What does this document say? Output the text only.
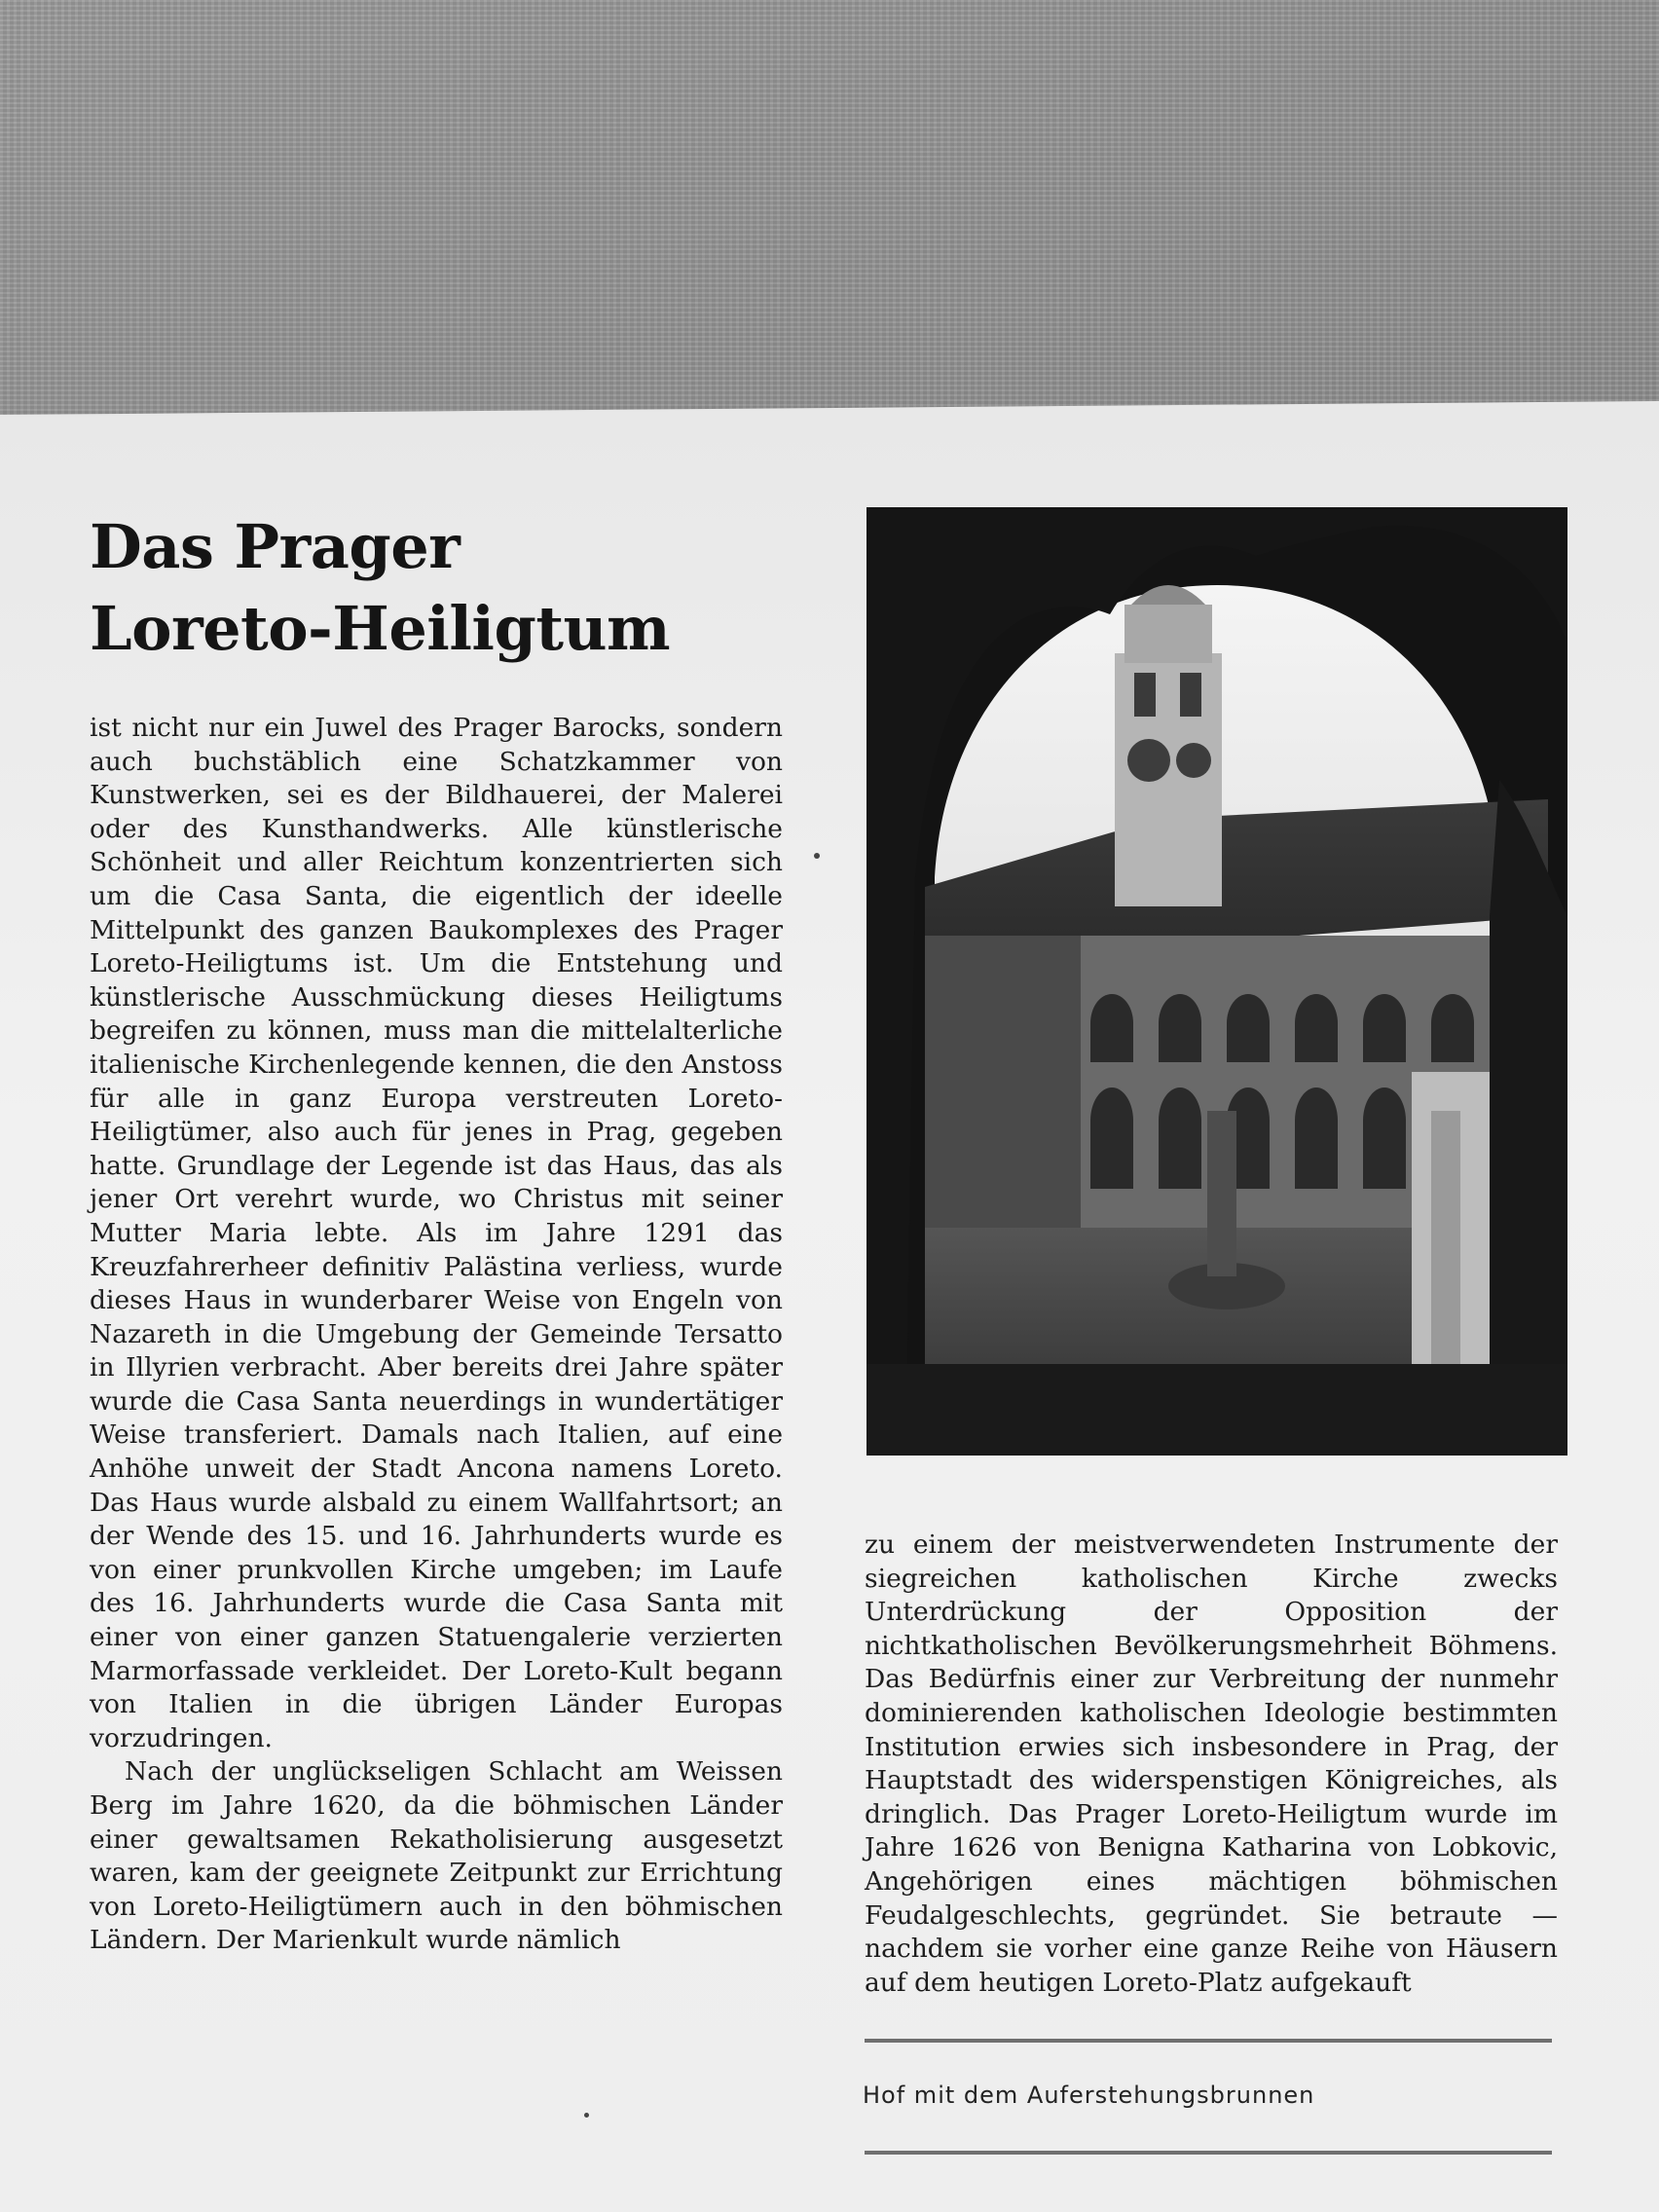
Das Prager
Loreto-Heiligtum

ist nicht nur ein Juwel des Prager Barocks, sondern auch buchstäblich eine Schatzkammer von Kunstwerken, sei es der Bildhauerei, der Malerei oder des Kunsthandwerks. Alle künstlerische Schönheit und aller Reichtum konzentrierten sich um die Casa Santa, die eigentlich der ideelle Mittelpunkt des ganzen Baukomplexes des Prager Loreto-Heiligtums ist. Um die Entstehung und künstlerische Ausschmückung dieses Heiligtums begreifen zu können, muss man die mittelalterliche italienische Kirchenlegende kennen, die den Anstoss für alle in ganz Europa verstreuten Loreto-Heiligtümer, also auch für jenes in Prag, gegeben hatte. Grundlage der Legende ist das Haus, das als jener Ort verehrt wurde, wo Christus mit seiner Mutter Maria lebte. Als im Jahre 1291 das Kreuzfahrerheer definitiv Palästina verliess, wurde dieses Haus in wunderbarer Weise von Engeln von Nazareth in die Umgebung der Gemeinde Tersatto in Illyrien verbracht. Aber bereits drei Jahre später wurde die Casa Santa neuerdings in wundertätiger Weise transferiert. Damals nach Italien, auf eine Anhöhe unweit der Stadt Ancona namens Loreto. Das Haus wurde alsbald zu einem Wallfahrtsort; an der Wende des 15. und 16. Jahrhunderts wurde es von einer prunkvollen Kirche umgeben; im Laufe des 16. Jahrhunderts wurde die Casa Santa mit einer von einer ganzen Statuengalerie verzierten Marmorfassade verkleidet. Der Loreto-Kult begann von Italien in die übrigen Länder Europas vorzudringen.

Nach der unglückseligen Schlacht am Weissen Berg im Jahre 1620, da die böhmischen Länder einer gewaltsamen Rekatholisierung ausgesetzt waren, kam der geeignete Zeitpunkt zur Errichtung von Loreto-Heiligtümern auch in den böhmischen Ländern. Der Marienkult wurde nämlich

zu einem der meistverwendeten Instrumente der siegreichen katholischen Kirche zwecks Unterdrückung der Opposition der nichtkatholischen Bevölkerungsmehrheit Böhmens. Das Bedürfnis einer zur Verbreitung der nunmehr dominierenden katholischen Ideologie bestimmten Institution erwies sich insbesondere in Prag, der Hauptstadt des widerspenstigen Königreiches, als dringlich. Das Prager Loreto-Heiligtum wurde im Jahre 1626 von Benigna Katharina von Lobkovic, Angehörigen eines mächtigen böhmischen Feudalgeschlechts, gegründet. Sie betraute — nachdem sie vorher eine ganze Reihe von Häusern auf dem heutigen Loreto-Platz aufgekauft

Hof mit dem Auferstehungsbrunnen
